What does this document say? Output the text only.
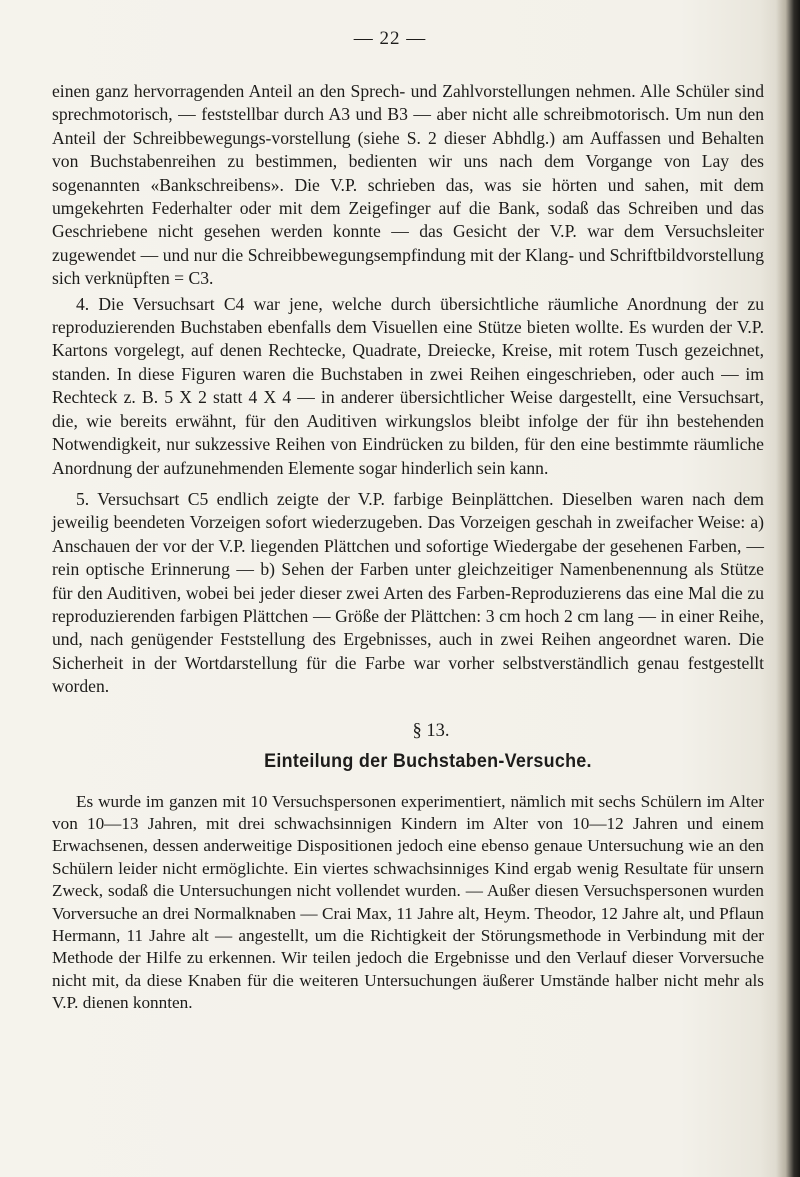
— 22 —

einen ganz hervorragenden Anteil an den Sprech- und Zahlvorstellungen nehmen. Alle Schüler sind sprechmotorisch, — feststellbar durch A3 und B3 — aber nicht alle schreibmotorisch. Um nun den Anteil der Schreibbewegungs-vorstellung (siehe S. 2 dieser Abhdlg.) am Auffassen und Behalten von Buchstabenreihen zu bestimmen, bedienten wir uns nach dem Vorgange von Lay des sogenannten «Bankschreibens». Die V.P. schrieben das, was sie hörten und sahen, mit dem umgekehrten Federhalter oder mit dem Zeigefinger auf die Bank, sodaß das Schreiben und das Geschriebene nicht gesehen werden konnte — das Gesicht der V.P. war dem Versuchsleiter zugewendet — und nur die Schreibbewegungsempfindung mit der Klang- und Schriftbildvorstellung sich verknüpften = C3.

4. Die Versuchsart C4 war jene, welche durch übersichtliche räumliche Anordnung der zu reproduzierenden Buchstaben ebenfalls dem Visuellen eine Stütze bieten wollte. Es wurden der V.P. Kartons vorgelegt, auf denen Rechtecke, Quadrate, Dreiecke, Kreise, mit rotem Tusch gezeichnet, standen. In diese Figuren waren die Buchstaben in zwei Reihen eingeschrieben, oder auch — im Rechteck z. B. 5 X 2 statt 4 X 4 — in anderer übersichtlicher Weise dargestellt, eine Versuchsart, die, wie bereits erwähnt, für den Auditiven wirkungslos bleibt infolge der für ihn bestehenden Notwendigkeit, nur sukzessive Reihen von Eindrücken zu bilden, für den eine bestimmte räumliche Anordnung der aufzunehmenden Elemente sogar hinderlich sein kann.

5. Versuchsart C5 endlich zeigte der V.P. farbige Beinplättchen. Dieselben waren nach dem jeweilig beendeten Vorzeigen sofort wiederzugeben. Das Vorzeigen geschah in zweifacher Weise: a) Anschauen der vor der V.P. liegenden Plättchen und sofortige Wiedergabe der gesehenen Farben, — rein optische Erinnerung — b) Sehen der Farben unter gleichzeitiger Namenbenennung als Stütze für den Auditiven, wobei bei jeder dieser zwei Arten des Farben-Reproduzierens das eine Mal die zu reproduzierenden farbigen Plättchen — Größe der Plättchen: 3 cm hoch 2 cm lang — in einer Reihe, und, nach genügender Feststellung des Ergebnisses, auch in zwei Reihen angeordnet waren. Die Sicherheit in der Wortdarstellung für die Farbe war vorher selbstverständlich genau festgestellt worden.

§ 13.
Einteilung der Buchstaben-Versuche.

Es wurde im ganzen mit 10 Versuchspersonen experimentiert, nämlich mit sechs Schülern im Alter von 10—13 Jahren, mit drei schwachsinnigen Kindern im Alter von 10—12 Jahren und einem Erwachsenen, dessen anderweitige Dispositionen jedoch eine ebenso genaue Untersuchung wie an den Schülern leider nicht ermöglichte. Ein viertes schwachsinniges Kind ergab wenig Resultate für unsern Zweck, sodaß die Untersuchungen nicht vollendet wurden. — Außer diesen Versuchspersonen wurden Vorversuche an drei Normalknaben — Crai Max, 11 Jahre alt, Heym. Theodor, 12 Jahre alt, und Pflaun Hermann, 11 Jahre alt — angestellt, um die Richtigkeit der Störungsmethode in Verbindung mit der Methode der Hilfe zu erkennen. Wir teilen jedoch die Ergebnisse und den Verlauf dieser Vorversuche nicht mit, da diese Knaben für die weiteren Untersuchungen äußerer Umstände halber nicht mehr als V.P. dienen konnten.
